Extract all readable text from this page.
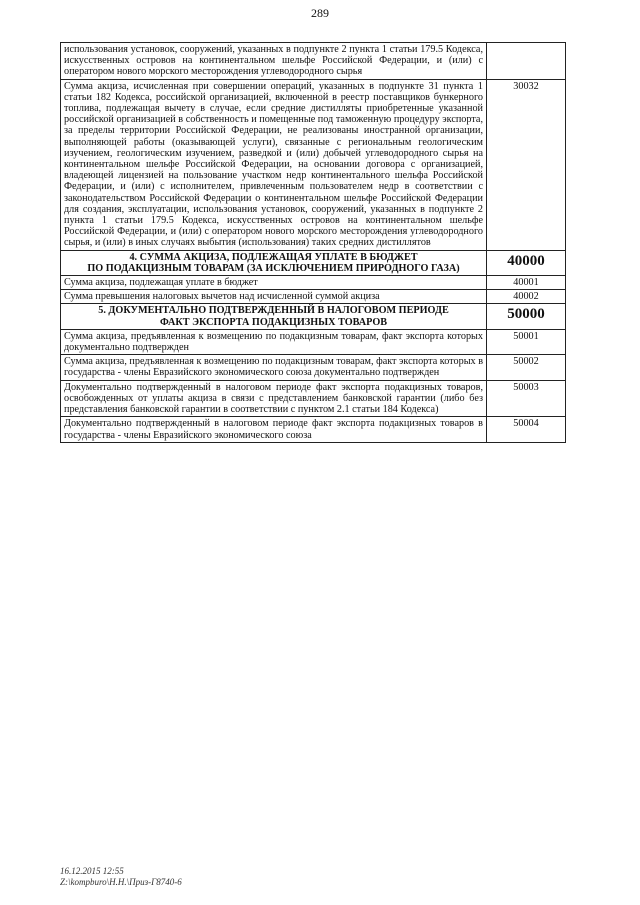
289
использования установок, сооружений, указанных в подпункте 2 пункта 1 статьи 179.5 Кодекса, искусственных островов на континентальном шельфе Российской Федерации, и (или) с оператором нового морского месторождения углеводородного сырья	
Сумма акциза, исчисленная при совершении операций, указанных в подпункте 31 пункта 1 статьи 182 Кодекса, российской организацией, включенной в реестр поставщиков бункерного топлива, подлежащая вычету в случае, если средние дистилляты приобретенные указанной российской организацией в собственность и помещенные под таможенную процедуру экспорта, за пределы территории Российской Федерации, не реализованы иностранной организации, выполняющей работы (оказывающей услуги), связанные с региональным геологическим изучением, геологическим изучением, разведкой и (или) добычей углеводородного сырья на континентальном шельфе Российской Федерации, на основании договора с организацией, владеющей лицензией на пользование участком недр континентального шельфа Российской Федерации, и (или) с исполнителем, привлеченным пользователем недр в соответствии с законодательством Российской Федерации о континентальном шельфе Российской Федерации для создания, эксплуатации, использования установок, сооружений, указанных в подпункте 2 пункта 1 статьи 179.5 Кодекса, искусственных островов на континентальном шельфе Российской Федерации, и (или) с оператором нового морского месторождения углеводородного сырья, и (или) в иных случаях выбытия (использования) таких средних дистиллятов	30032

4. СУММА АКЦИЗА, ПОДЛЕЖАЩАЯ УПЛАТЕ В БЮДЖЕТ
ПО ПОДАКЦИЗНЫМ ТОВАРАМ (ЗА ИСКЛЮЧЕНИЕМ ПРИРОДНОГО ГАЗА)	40000
Сумма акциза, подлежащая уплате в бюджет	40001
Сумма превышения налоговых вычетов над исчисленной суммой акциза	40002

5. ДОКУМЕНТАЛЬНО ПОДТВЕРЖДЕННЫЙ В НАЛОГОВОМ ПЕРИОДЕ
ФАКТ ЭКСПОРТА ПОДАКЦИЗНЫХ ТОВАРОВ	50000
Сумма акциза, предъявленная к возмещению по подакцизным товарам, факт экспорта которых документально подтвержден	50001
Сумма акциза, предъявленная к возмещению по подакцизным товарам, факт экспорта которых в государства - члены Евразийского экономического союза документально подтвержден	50002
Документально подтвержденный в налоговом периоде факт экспорта подакцизных товаров, освобожденных от уплаты акциза в связи с представлением банковской гарантии (либо без представления банковской гарантии в соответствии с пунктом 2.1 статьи 184 Кодекса)	50003
Документально подтвержденный в налоговом периоде факт экспорта подакцизных товаров в государства - члены Евразийского экономического союза	50004
16.12.2015 12:55
Z:\kompburo\Н.Н.\Приз-Г8740-6
